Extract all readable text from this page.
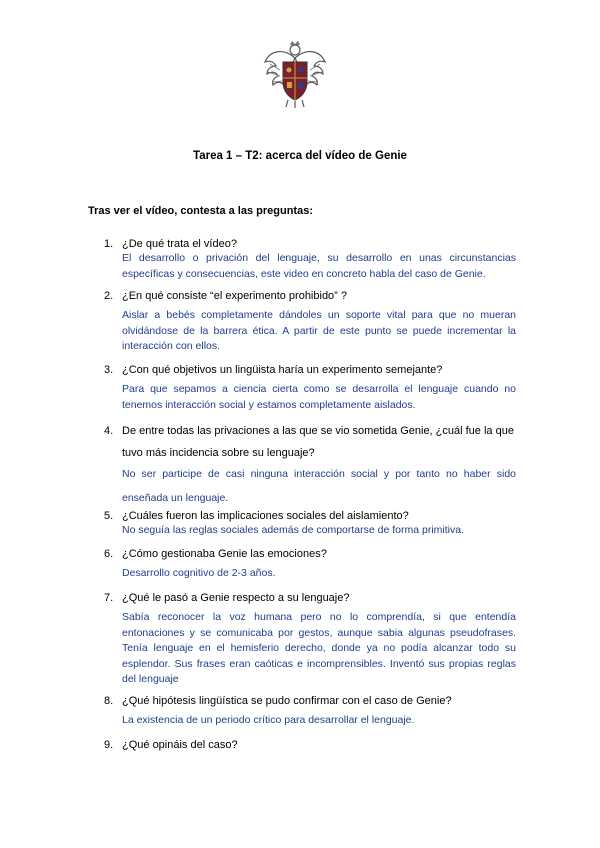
Tarea 1 – T2: acerca del vídeo de Genie
Tras ver el vídeo, contesta a las preguntas:
1. ¿De qué trata el vídeo?
El desarrollo o privación del lenguaje, su desarrollo en unas circunstancias específicas y consecuencias, este video en concreto habla del caso de Genie.
2. ¿En qué consiste “el experimento prohibido” ?
Aislar a bebés completamente dándoles un soporte vital para que no mueran olvidándose de la barrera ética. A partir de este punto se puede incrementar la interacción con ellos.
3. ¿Con qué objetivos un lingüista haría un experimento semejante?
Para que sepamos a ciencia cierta como se desarrolla el lenguaje cuando no tenemos interacción social y estamos completamente aislados.
4. De entre todas las privaciones a las que se vio sometida Genie, ¿cuál fue la que tuvo más incidencia sobre su lenguaje?
No ser participe de casi ninguna interacción social y por tanto no haber sido enseñada un lenguaje.
5. ¿Cuáles fueron las implicaciones sociales del aislamiento?
No seguía las reglas sociales además de comportarse de forma primitiva.
6. ¿Cómo gestionaba Genie las emociones?
Desarrollo cognitivo de 2-3 años.
7. ¿Qué le pasó a Genie respecto a su lenguaje?
Sabía reconocer la voz humana pero no lo comprendía, si que entendía entonaciones y se comunicaba por gestos, aunque sabia algunas pseudofrases. Tenía lenguaje en el hemisferio derecho, donde ya no podía alcanzar todo su esplendor. Sus frases eran caóticas e incomprensibles. Inventó sus propias reglas del lenguaje
8. ¿Qué hipótesis lingüística se pudo confirmar con el caso de Genie?
La existencia de un periodo crítico para desarrollar el lenguaje.
9. ¿Qué opináis del caso?
